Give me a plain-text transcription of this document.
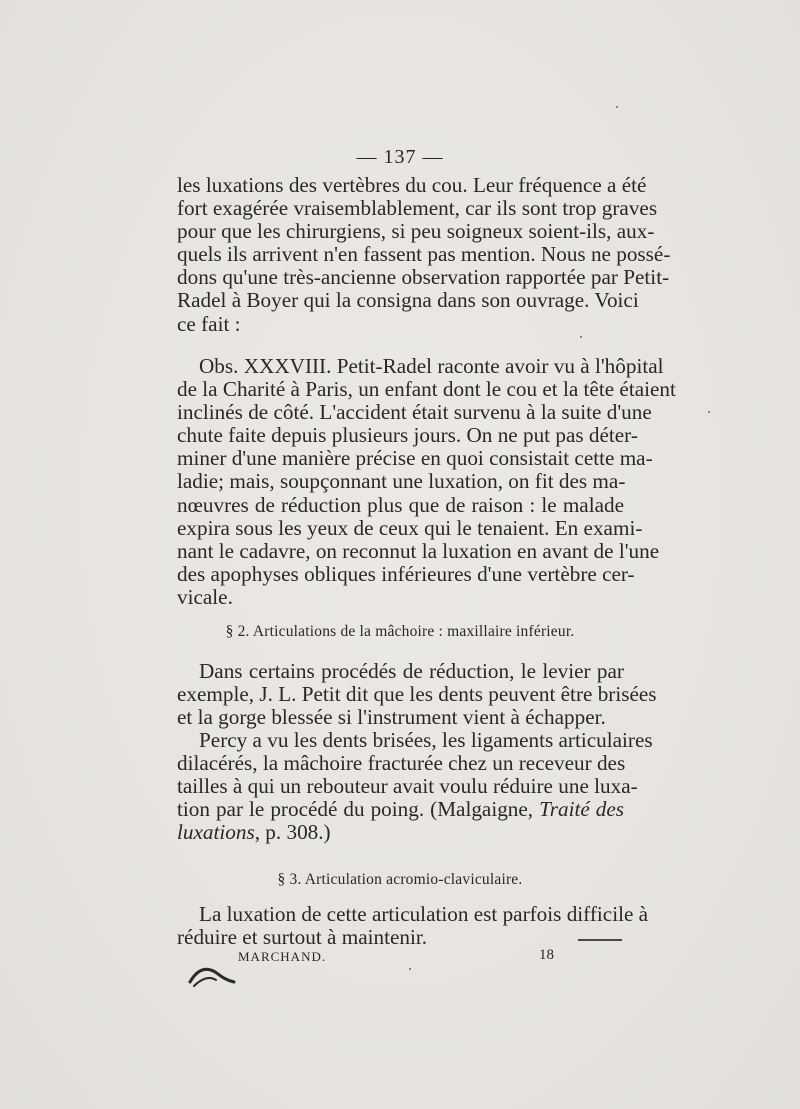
— 137 —
les luxations des vertèbres du cou. Leur fréquence a été
fort exagérée vraisemblablement, car ils sont trop graves
pour que les chirurgiens, si peu soigneux soient-ils, aux-
quels ils arrivent n'en fassent pas mention. Nous ne possé-
dons qu'une très-ancienne observation rapportée par Petit-
Radel à Boyer qui la consigna dans son ouvrage. Voici
ce fait :
Obs. XXXVIII. Petit-Radel raconte avoir vu à l'hôpital
de la Charité à Paris, un enfant dont le cou et la tête étaient
inclinés de côté. L'accident était survenu à la suite d'une
chute faite depuis plusieurs jours. On ne put pas déter-
miner d'une manière précise en quoi consistait cette ma-
ladie; mais, soupçonnant une luxation, on fit des ma-
nœuvres de réduction plus que de raison : le malade
expira sous les yeux de ceux qui le tenaient. En exami-
nant le cadavre, on reconnut la luxation en avant de l'une
des apophyses obliques inférieures d'une vertèbre cer-
vicale.
§ 2. Articulations de la mâchoire : maxillaire inférieur.
Dans certains procédés de réduction, le levier par
exemple, J. L. Petit dit que les dents peuvent être brisées
et la gorge blessée si l'instrument vient à échapper.
Percy a vu les dents brisées, les ligaments articulaires
dilacérés, la mâchoire fracturée chez un receveur des
tailles à qui un rebouteur avait voulu réduire une luxa-
tion par le procédé du poing. (Malgaigne, Traité des
luxations, p. 308.)
§ 3. Articulation acromio-claviculaire.
La luxation de cette articulation est parfois difficile à
réduire et surtout à maintenir.
MARCHAND.	18
